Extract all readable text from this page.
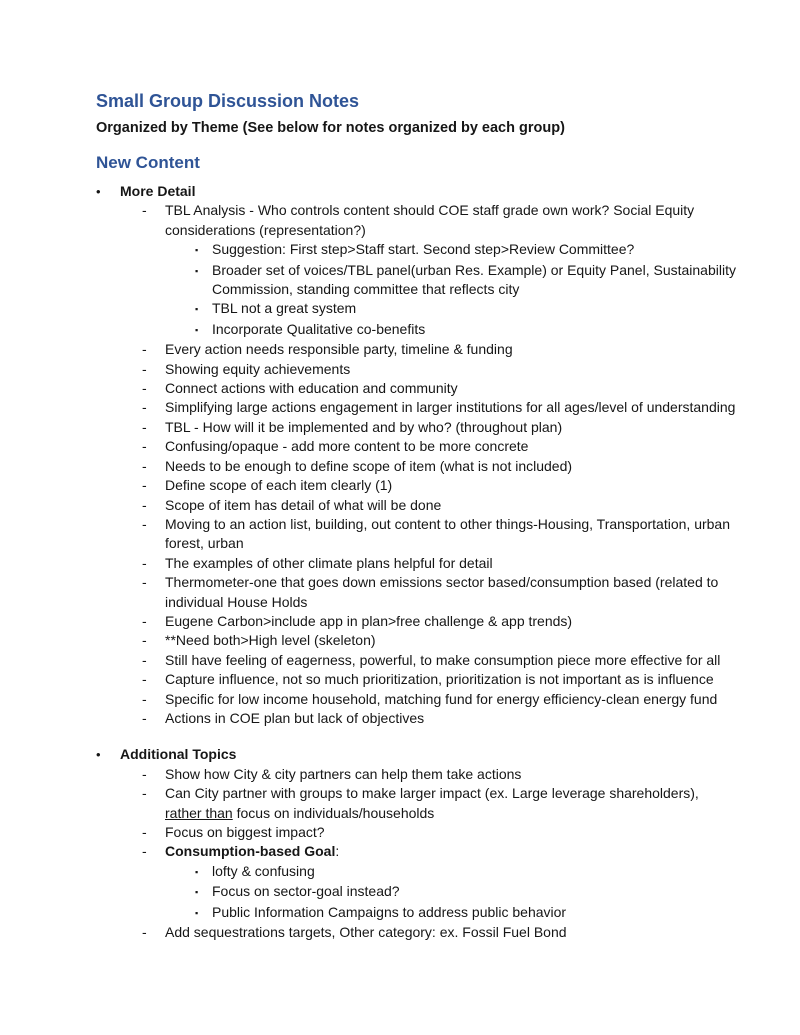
Small Group Discussion Notes

Organized by Theme (See below for notes organized by each group)

New Content
•	More Detail
-	TBL Analysis - Who controls content should COE staff grade own work? Social Equity considerations (representation?)
▪ Suggestion: First step>Staff start. Second step>Review Committee?
▪ Broader set of voices/TBL panel(urban Res. Example) or Equity Panel, Sustainability Commission, standing committee that reflects city
▪ TBL not a great system
▪ Incorporate Qualitative co-benefits
-	Every action needs responsible party, timeline & funding
-	Showing equity achievements
-	Connect actions with education and community
-	Simplifying large actions engagement in larger institutions for all ages/level of understanding
-	TBL - How will it be implemented and by who? (throughout plan)
-	Confusing/opaque - add more content to be more concrete
-	Needs to be enough to define scope of item (what is not included)
-	Define scope of each item clearly (1)
-	Scope of item has detail of what will be done
-	Moving to an action list, building, out content to other things-Housing, Transportation, urban forest, urban
-	The examples of other climate plans helpful for detail
-	Thermometer-one that goes down emissions sector based/consumption based (related to individual House Holds
-	Eugene Carbon>include app in plan>free challenge & app trends)
-	**Need both>High level (skeleton)
-	Still have feeling of eagerness, powerful, to make consumption piece more effective for all
-	Capture influence, not so much prioritization, prioritization is not important as is influence
-	Specific for low income household, matching fund for energy efficiency-clean energy fund
-	Actions in COE plan but lack of objectives
•	Additional Topics
-	Show how City & city partners can help them take actions
-	Can City partner with groups to make larger impact (ex. Large leverage shareholders), rather than focus on individuals/households
-	Focus on biggest impact?
-	Consumption-based Goal:
▪ lofty & confusing
▪ Focus on sector-goal instead?
▪ Public Information Campaigns to address public behavior
-	Add sequestrations targets, Other category: ex. Fossil Fuel Bond
